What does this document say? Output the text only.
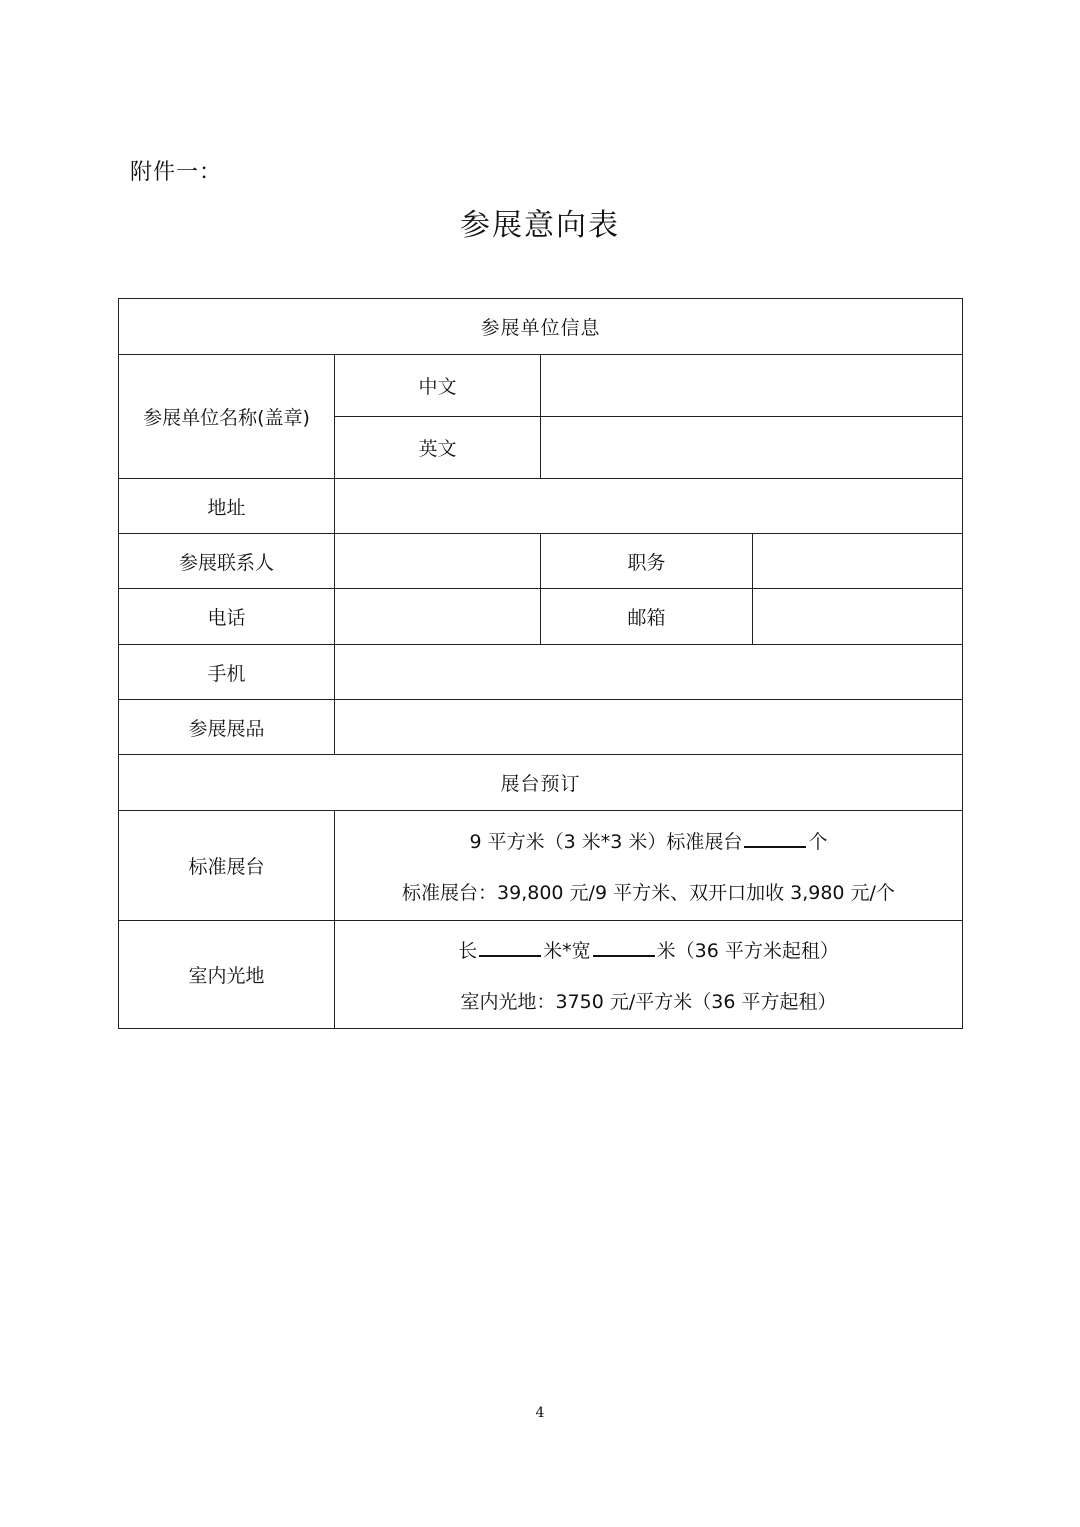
附件一：
参展意向表
参展单位信息			
参展单位名称(盖章)	中文		
	英文		
地址			
参展联系人		职务	
电话		邮箱	
手机			
参展展品			
展台预订			
标准展台	9 平方米（3 米*3 米）标准展台 个
标准展台：39,800 元/9 平方米、双开口加收 3,980 元/个		

室内光地	长 米*宽 米（36 平方米起租）
室内光地：3750 元/平方米（36 平方起租）		
4
